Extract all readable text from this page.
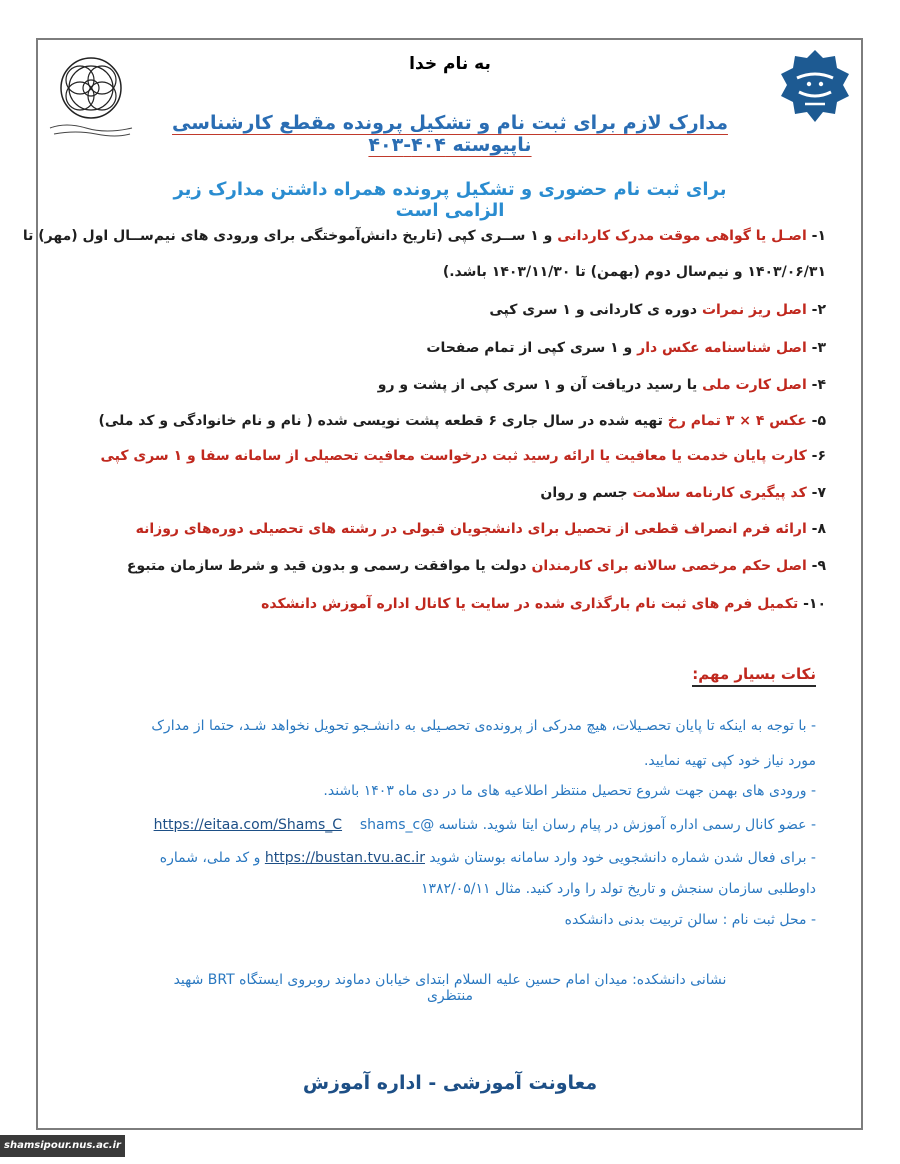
به نام خدا
مدارک لازم برای ثبت نام و تشکیل پرونده مقطع کارشناسی ناپیوسته ۴۰۴-۴۰۳
برای ثبت نام حضوری و تشکیل پرونده همراه داشتن مدارک زیر الزامی است
۱- اصـل یا گواهی موقت مدرک کاردانی و ۱ ســری کپی (تاریخ دانش‌آموختگی برای ورودی های نیم‌ســال اول (مهر) تا
۱۴۰۳/۰۶/۳۱ و نیم‌سال دوم (بهمن) تا ۱۴۰۳/۱۱/۳۰ باشد.)
۲- اصل ریز نمرات دوره ی کاردانی و ۱ سری کپی
۳- اصل شناسنامه عکس دار و ۱ سری کپی از تمام صفحات
۴- اصل کارت ملی یا رسید دریافت آن و ۱ سری کپی از پشت و رو
۵- عکس ۴ × ۳ تمام رخ تهیه شده در سال جاری ۶ قطعه پشت نویسی شده ( نام و نام خانوادگی و کد ملی)
۶- کارت پایان خدمت یا معافیت یا ارائه رسید ثبت درخواست معافیت تحصیلی از سامانه سفا و ۱ سری کپی
۷- کد پیگیری کارنامه سلامت جسم و روان
۸- ارائه فرم انصراف قطعی از تحصیل برای دانشجویان قبولی در رشته های تحصیلی دوره‌های روزانه
۹- اصل حکم مرخصی سالانه برای کارمندان دولت یا موافقت رسمی و بدون قید و شرط سازمان متبوع
۱۰- تکمیل فرم های ثبت نام بارگذاری شده در سایت یا کانال اداره آموزش دانشکده
نکات بسیار مهم:
- با توجه به اینکه تا پایان تحصـیلات، هیچ مدرکی از پرونده‌ی تحصـیلی به دانشـجو تحویل نخواهد شـد، حتما از مدارک
مورد نیاز خود کپی تهیه نمایید.
- ورودی های بهمن جهت شروع تحصیل منتظر اطلاعیه های ما در دی ماه ۱۴۰۳ باشند.
- عضو کانال رسمی اداره آموزش در پیام رسان ایتا شوید. شناسه @shams_c    https://eitaa.com/Shams_C
- برای فعال شدن شماره دانشجویی خود وارد سامانه بوستان شوید https://bustan.tvu.ac.ir و کد ملی، شماره
داوطلبی سازمان سنجش و تاریخ تولد را وارد کنید. مثال ۱۳۸۲/۰۵/۱۱
- محل ثبت نام : سالن تربیت بدنی دانشکده
نشانی دانشکده: میدان امام حسین علیه السلام ابتدای خیابان دماوند روبروی ایستگاه BRT شهید منتظری
معاونت آموزشی - اداره آموزش
shamsipour.nus.ac.ir
